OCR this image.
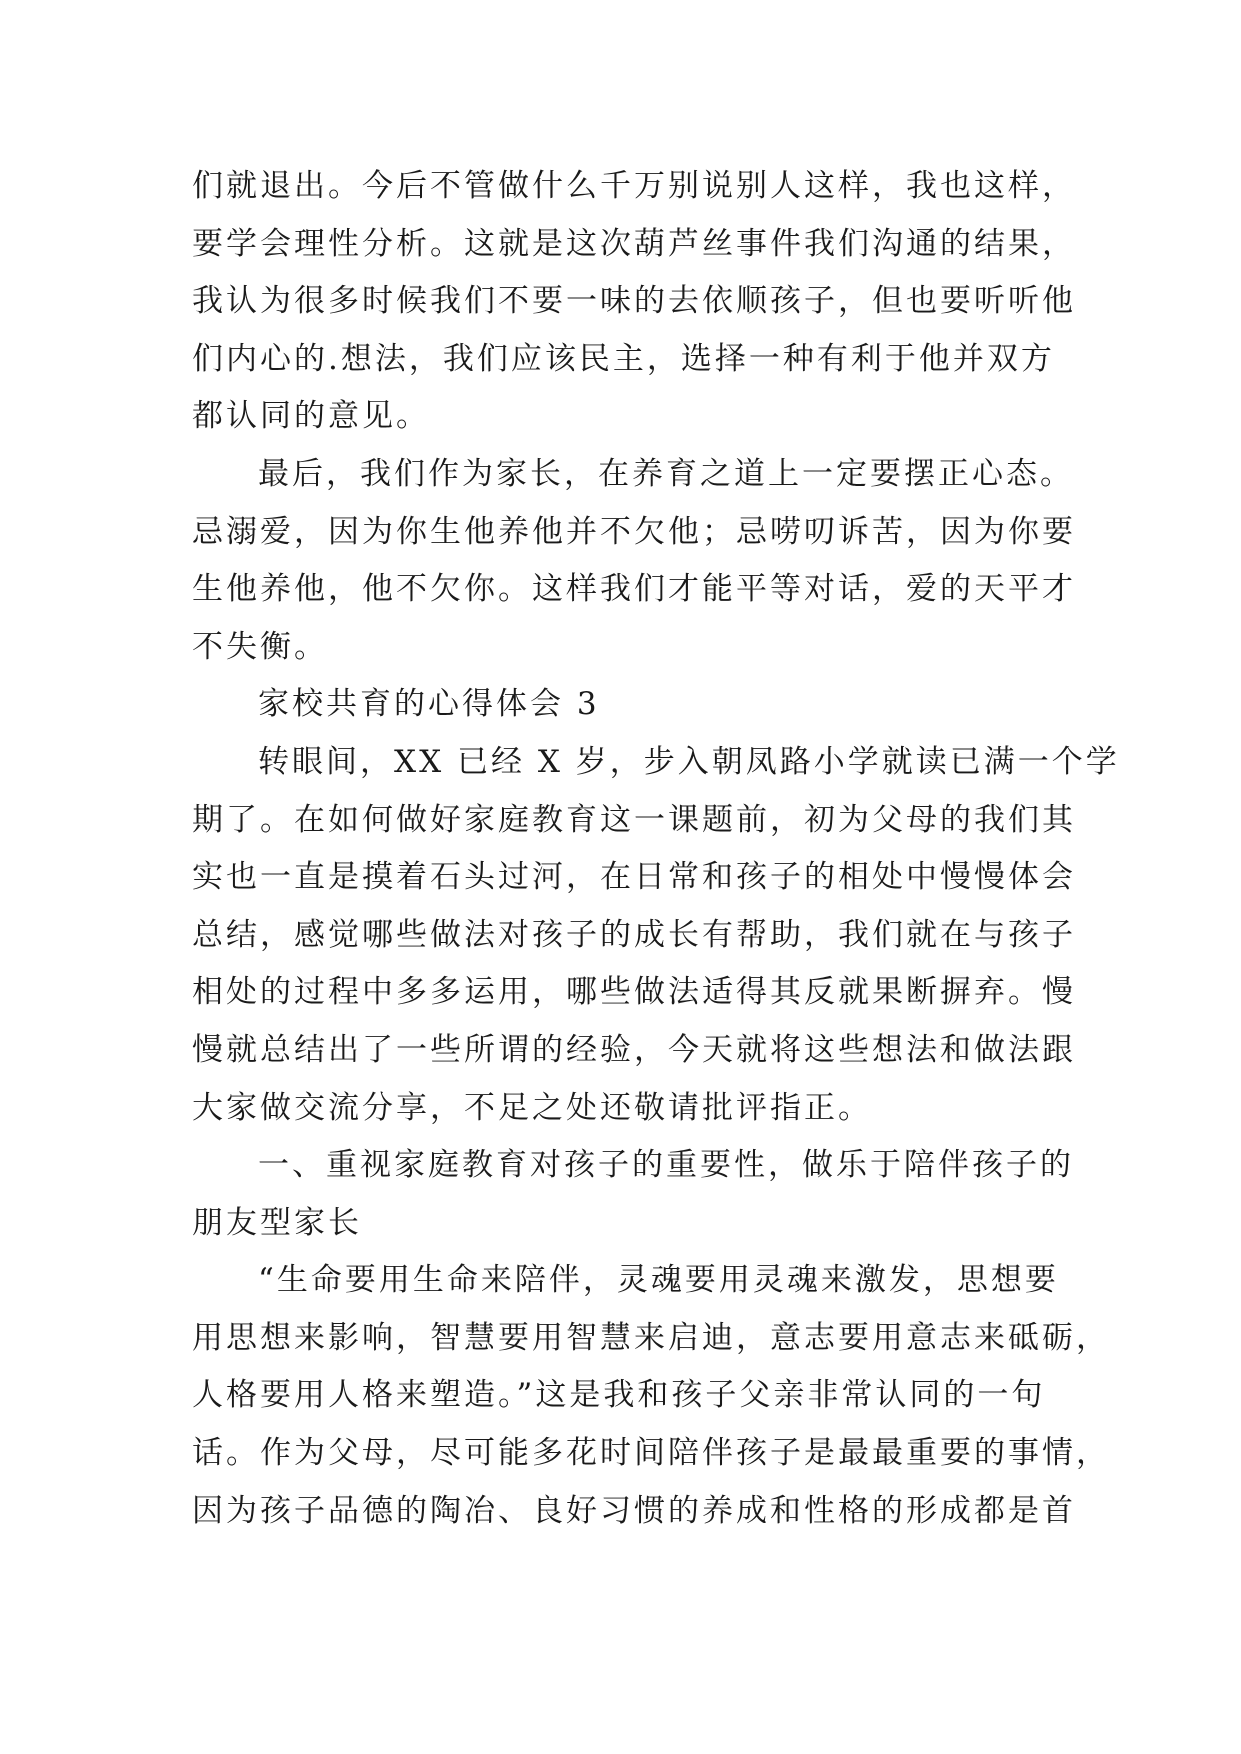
们就退出。今后不管做什么千万别说别人这样，我也这样，
要学会理性分析。这就是这次葫芦丝事件我们沟通的结果，
我认为很多时候我们不要一味的去依顺孩子，但也要听听他
们内心的.想法，我们应该民主，选择一种有利于他并双方
都认同的意见。
最后，我们作为家长，在养育之道上一定要摆正心态。
忌溺爱，因为你生他养他并不欠他；忌唠叨诉苦，因为你要
生他养他，他不欠你。这样我们才能平等对话，爱的天平才
不失衡。
家校共育的心得体会 3
转眼间，XX 已经 X 岁，步入朝凤路小学就读已满一个学
期了。在如何做好家庭教育这一课题前，初为父母的我们其
实也一直是摸着石头过河，在日常和孩子的相处中慢慢体会
总结，感觉哪些做法对孩子的成长有帮助，我们就在与孩子
相处的过程中多多运用，哪些做法适得其反就果断摒弃。慢
慢就总结出了一些所谓的经验，今天就将这些想法和做法跟
大家做交流分享，不足之处还敬请批评指正。
一、重视家庭教育对孩子的重要性，做乐于陪伴孩子的
朋友型家长
“生命要用生命来陪伴，灵魂要用灵魂来激发，思想要
用思想来影响，智慧要用智慧来启迪，意志要用意志来砥砺，
人格要用人格来塑造。”这是我和孩子父亲非常认同的一句
话。作为父母，尽可能多花时间陪伴孩子是最最重要的事情，
因为孩子品德的陶冶、良好习惯的养成和性格的形成都是首
